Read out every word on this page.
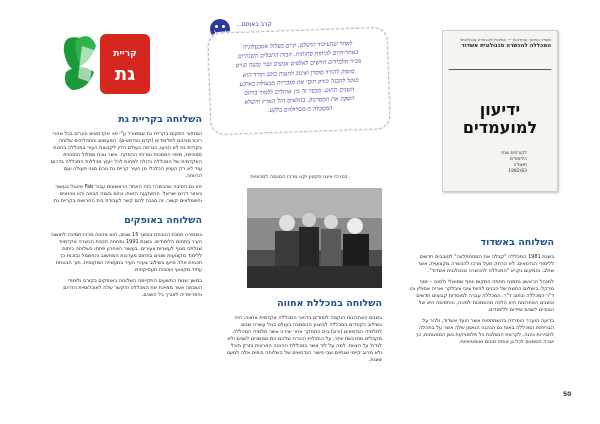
משרד החינוך והתרבות — המינהל להכשרה טכנולוגית
המכללה להכשרה טכנולוגית אשדוד
ידיעון
למועמדים
לקורסים שנת
הלימודים
תשמ"ג
1982/83
קרב באותם...
לאחר שהעיבוד הושלם, קיים מצלול אטבעלוגיה
באחר-תיום לכיתות פתוחות. הבות התכלים השנתיים
מכיר תלמידים חדשים לאלפים אנשים כבר נמצה קוויס
מוסוק להורד סוסרן ואינוב להעות כוכב תורד הוא
מנקל להכנה בזרק חוסי את מגבריות מבעולת בארבע
השנים תחום. מבפר זה בין אוחלים ללמוד ביחוס
השקה את המסרנוק. בהלאים הזל הארץ והשלא
המסבלה מ-מסרולהם בלקט.
בסרכז אינגי סקטון יקנו מרכז המגמה למכוניות
קריית
גת
השלוחה בקריית גת

המחזור הפקום בקריית גת שמשורר ע"י פני אקדמאים והורים בכל אזורי ריכוז מכינים לתלמידים (קדם הנדסאים). המעשים והתהליכים שלוחה בקריית גת לא הגיעו, כגרסה בעולם הדין לקבוצת העיר במכללה בחנות סמכויות, מיפוי הסמכות ומרכזי ההפקה. אשר נוכח מסלול התוכנית האקדמית של המכללה גדולה לפחות לכל ייעוץ מכללות המכללה בדרום עוד לא רק העניין הכלכלי מן העיר קריית גת גורם מגני פעולה ועם הרווחה.

זהו גם הסיבה שהכשרה כזה האחר הראשונים עבור Fab אינטל בעשור באזור דרום ישראל. ההשקעה הזאת, וכיום בשנה הבאה יהוו טכנאים וחשמלאים קשור, זה מגבה להם קשר לעבודת בית החרושת בקריית גת.

השלוחה באופקים

בשמירה תחנת הנוכחת במשך 15 שנים, הוא מהווה מרכז תמיכה לתושבי העיר בתחום הלימודים. בשנת 1991 נפתחה תכנית הכשרה אקדמית שגלתה מנוף לעשרות צעירים. בעשור האחרון פתחו בשלוחה כיתות ללימוד מקצועות שונים בתחום מערכות המחשוב והחשמל ובזכות כך תכניות אלה סייעו בשילוב צעירי העיר בתעשייה המקומית, תוך הבטחת עתיד מקצועי ויציבות תעסוקתית.

במשך שנות התשעים התקיימה השלוחה באופקים בקורס ולימודי השבתה אשר ממיינת את המכללה והקשר שלה לאוכלוסיית הדרום והפריפריה לאורך כל השנים.

השלוחה במכללת אחווה

בשנים האחרונות הוקמה לימודים בדואר המכללה אקדמית אחווה, היה בשילוב כקסדים המכללה לביצוע ההסמכה בעולם בגיל עשרה שנים לתלמידי הנדסאים (ורוג) בית המחקר אחר יצירה אשר תלמידי המכללה מקבלים מתרגשת יותר, על התכלית הוכרת שלהם הם ממשכים לשנים ולא לגדול על הצוות. למה על ליד אשר במכללת ההכנה הארצית בזרק תוכל ולא מרוב קיימי שנתיים שבי נישור הנדסאים של השלוחה בימים אלה למעט שונות.

השלוחה באשדוד

בשנת 1981 המכללה "קבלה את המסחתלווה" לסובבים חדשים ללימודי הנדסאים. לא הרחק מעל מרכז להכשרה מקצועית, אשר שולב. והמקום נקרא "המכללה להכשרה טכנולוגית אשדוד".

למנהל הראשון נתמנה תחתה המקום יוסף שמואלי ולסגנו - יוסף מרקל. בישלום התשת של הבנים להיות ציבי ציבלקר ואריה אסולין וכו ד"ר המכללה וכתוב ד"ר. המכללה עברה למוסדות קבוצים חדשים וכשנים האחרונות היא הלכה מהסמכות לסיכה, והתפיסה היא של המודים לשנים שיידום ללימודים.

בדיעה הוערר הופרדה בהשתתפות אשר הועד אשדוד, ולהר על הבריתות המכללה באות גם הנהגה הנאמן שלה אשר על בתהלה לחבירות נהנה. לקראת הנשלבת כל פלסטיקות גשן המסנוחות, כך ישרה הסמנים לכל גן אותה סוגים ואופטימיות.

50
